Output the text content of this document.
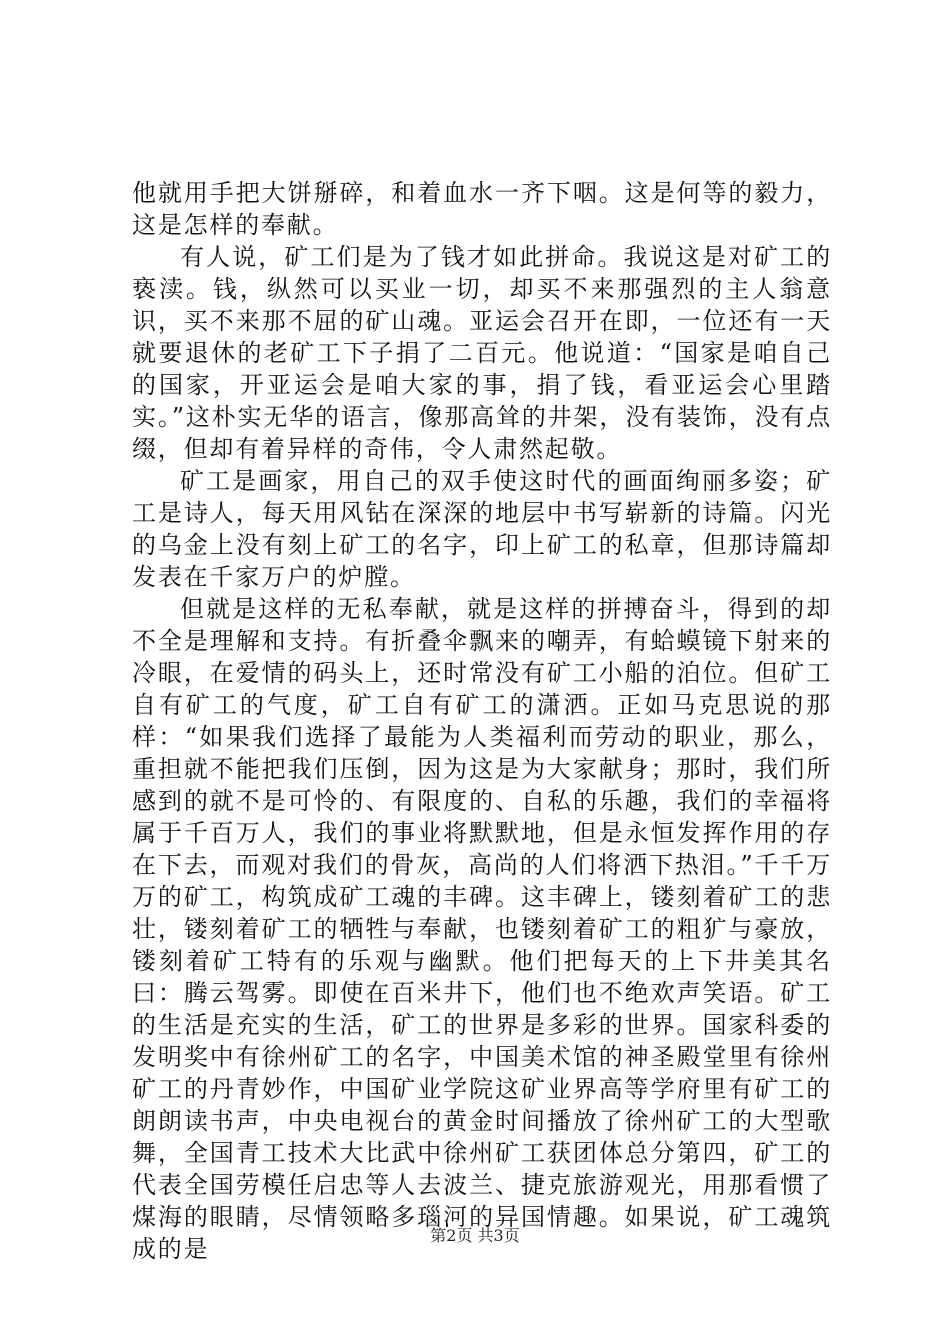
他就用手把大饼掰碎，和着血水一齐下咽。这是何等的毅力，这是怎样的奉献。

有人说，矿工们是为了钱才如此拼命。我说这是对矿工的亵渎。钱，纵然可以买业一切，却买不来那强烈的主人翁意识，买不来那不屈的矿山魂。亚运会召开在即，一位还有一天就要退休的老矿工下子捐了二百元。他说道：“国家是咱自己的国家，开亚运会是咱大家的事，捐了钱，看亚运会心里踏实。”这朴实无华的语言，像那高耸的井架，没有装饰，没有点缀，但却有着异样的奇伟，令人肃然起敬。

矿工是画家，用自己的双手使这时代的画面绚丽多姿；矿工是诗人，每天用风钻在深深的地层中书写崭新的诗篇。闪光的乌金上没有刻上矿工的名字，印上矿工的私章，但那诗篇却发表在千家万户的炉膛。

但就是这样的无私奉献，就是这样的拼搏奋斗，得到的却不全是理解和支持。有折叠伞飘来的嘲弄，有蛤蟆镜下射来的冷眼，在爱情的码头上，还时常没有矿工小船的泊位。但矿工自有矿工的气度，矿工自有矿工的潇洒。正如马克思说的那样：“如果我们选择了最能为人类福利而劳动的职业，那么，重担就不能把我们压倒，因为这是为大家献身；那时，我们所感到的就不是可怜的、有限度的、自私的乐趣，我们的幸福将属于千百万人，我们的事业将默默地，但是永恒发挥作用的存在下去，而观对我们的骨灰，高尚的人们将洒下热泪。”千千万万的矿工，构筑成矿工魂的丰碑。这丰碑上，镂刻着矿工的悲壮，镂刻着矿工的牺牲与奉献，也镂刻着矿工的粗犷与豪放，镂刻着矿工特有的乐观与幽默。他们把每天的上下井美其名曰：腾云驾雾。即使在百米井下，他们也不绝欢声笑语。矿工的生活是充实的生活，矿工的世界是多彩的世界。国家科委的发明奖中有徐州矿工的名字，中国美术馆的神圣殿堂里有徐州矿工的丹青妙作，中国矿业学院这矿业界高等学府里有矿工的朗朗读书声，中央电视台的黄金时间播放了徐州矿工的大型歌舞，全国青工技术大比武中徐州矿工获团体总分第四，矿工的代表全国劳模任启忠等人去波兰、捷克旅游观光，用那看惯了煤海的眼睛，尽情领略多瑙河的异国情趣。如果说，矿工魂筑成的是	第2页 共3页
